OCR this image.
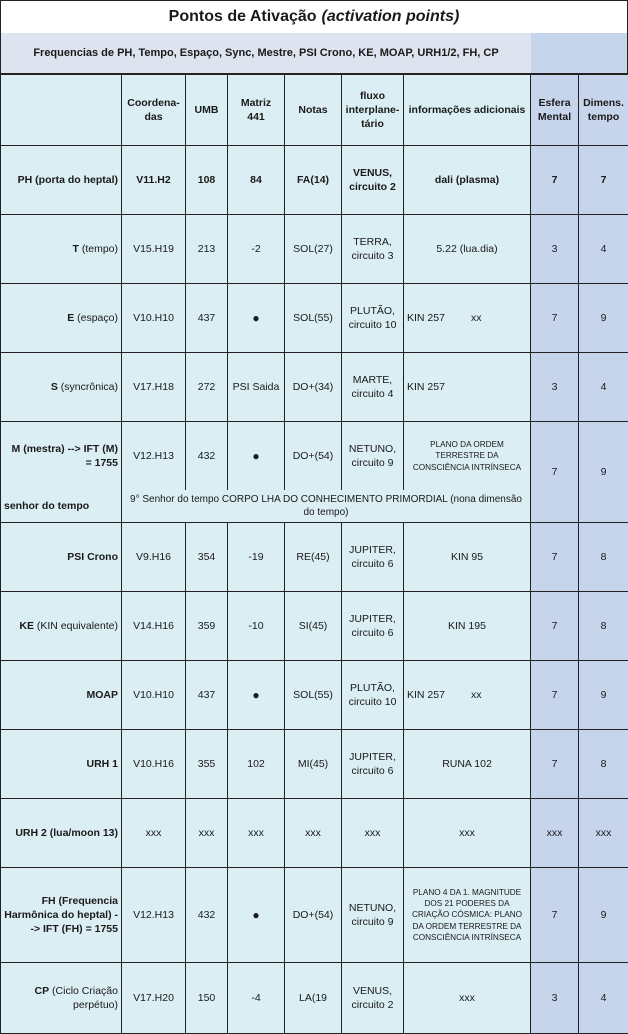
Pontos de Ativação (activation points)
Frequencias de PH, Tempo, Espaço, Sync, Mestre, PSI Crono, KE, MOAP, URH1/2, FH, CP
	Coordena-das	UMB	Matriz 441	Notas	fluxo interplane-tário	informações adicionais	Esfera Mental	Dimens. tempo
PH (porta do heptal)	V11.H2	108	84	FA(14)	VENUS, circuito 2	dali (plasma)	7	7
T (tempo)	V15.H19	213	-2	SOL(27)	TERRA, circuito 3	5.22 (lua.dia)	3	4
E (espaço)	V10.H10	437	●	SOL(55)	PLUTÃO, circuito 10	KIN 257 xx	7	9
S (syncrônica)	V17.H18	272	PSI Saida	DO+(34)	MARTE, circuito 4	KIN 257	3	4
M (mestra) --> IFT (M) = 1755	V12.H13	432	●	DO+(54)	NETUNO, circuito 9	PLANO DA ORDEM TERRESTRE DA CONSCIÊNCIA INTRÍNSECA	7	9
senhor do tempo	9° Senhor do tempo CORPO LHA DO CONHECIMENTO PRIMORDIAL (nona dimensão do tempo)							
PSI Crono	V9.H16	354	-19	RE(45)	JUPITER, circuito 6	KIN 95	7	8
KE (KIN equivalente)	V14.H16	359	-10	SI(45)	JUPITER, circuito 6	KIN 195	7	8
MOAP	V10.H10	437	●	SOL(55)	PLUTÃO, circuito 10	KIN 257 xx	7	9
URH 1	V10.H16	355	102	MI(45)	JUPITER, circuito 6	RUNA 102	7	8
URH 2 (lua/moon 13)	xxx	xxx	xxx	xxx	xxx	xxx	xxx	xxx
FH (Frequencia Harmônica do heptal) --> IFT (FH) = 1755	V12.H13	432	●	DO+(54)	NETUNO, circuito 9	PLANO 4 DA 1. MAGNITUDE DOS 21 PODERES DA CRIAÇÃO CÓSMICA: PLANO DA ORDEM TERRESTRE DA CONSCIÊNCIA INTRÍNSECA	7	9
CP (Ciclo Criação perpétuo)	V17.H20	150	-4	LA(19	VENUS, circuito 2	xxx	3	4
